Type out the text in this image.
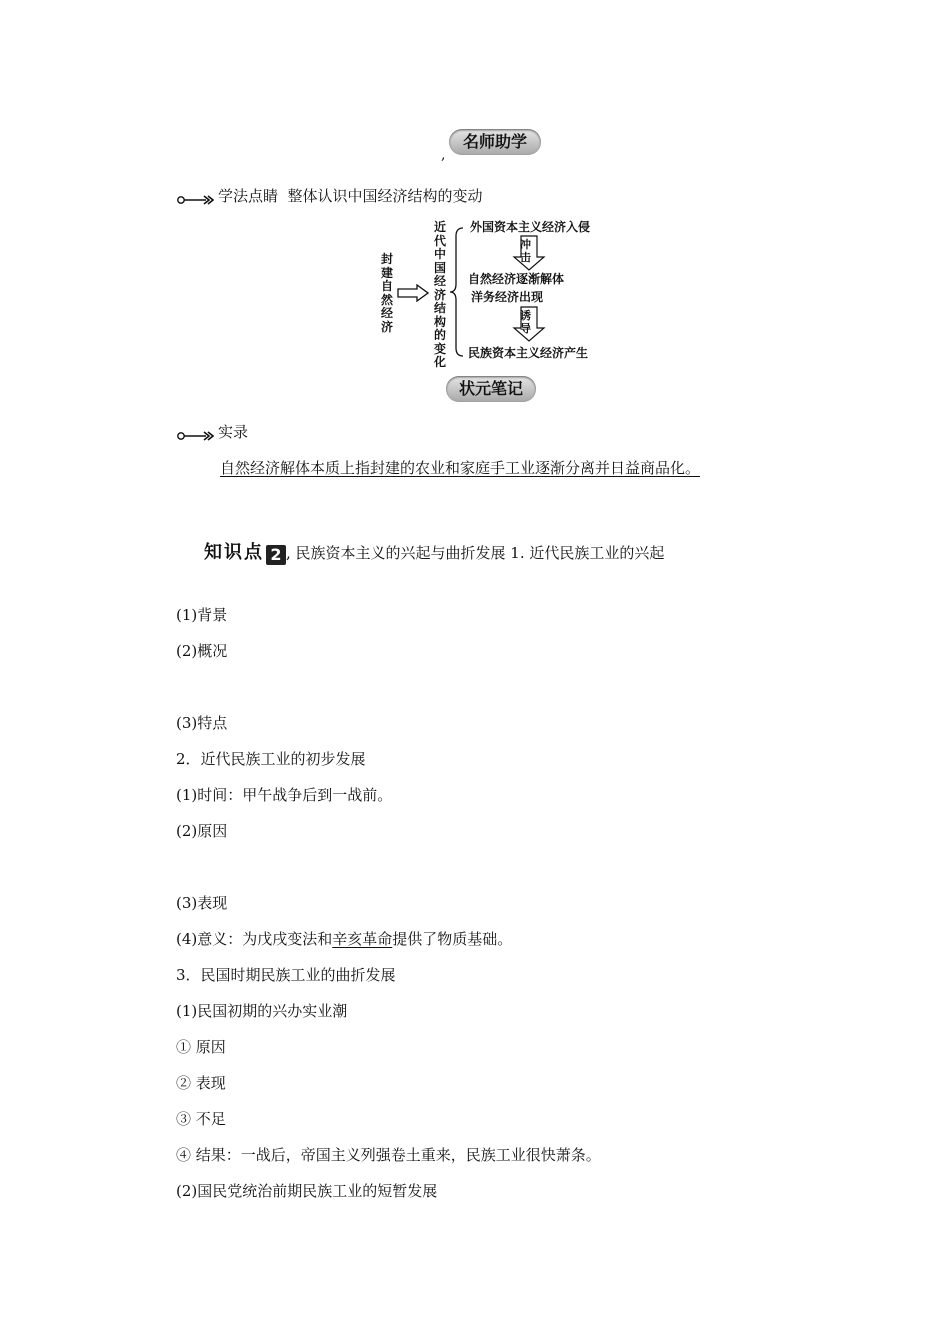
名师助学
,
学法点睛  整体认识中国经济结构的变动
封建自然经济
近代中国经济结构的变化
外国资本主义经济入侵
冲击
自然经济逐渐解体
洋务经济出现
诱导
民族资本主义经济产生
状元笔记
实录
自然经济解体本质上指封建的农业和家庭手工业逐渐分离并日益商品化。
知识点 2 , 民族资本主义的兴起与曲折发展 1. 近代民族工业的兴起
(1)背景
(2)概况
(3)特点
2．近代民族工业的初步发展
(1)时间：甲午战争后到一战前。
(2)原因
(3)表现
(4)意义：为戊戌变法和辛亥革命提供了物质基础。
3．民国时期民族工业的曲折发展
(1)民国初期的兴办实业潮
① 原因
② 表现
③ 不足
④ 结果：一战后，帝国主义列强卷土重来，民族工业很快萧条。
(2)国民党统治前期民族工业的短暂发展
